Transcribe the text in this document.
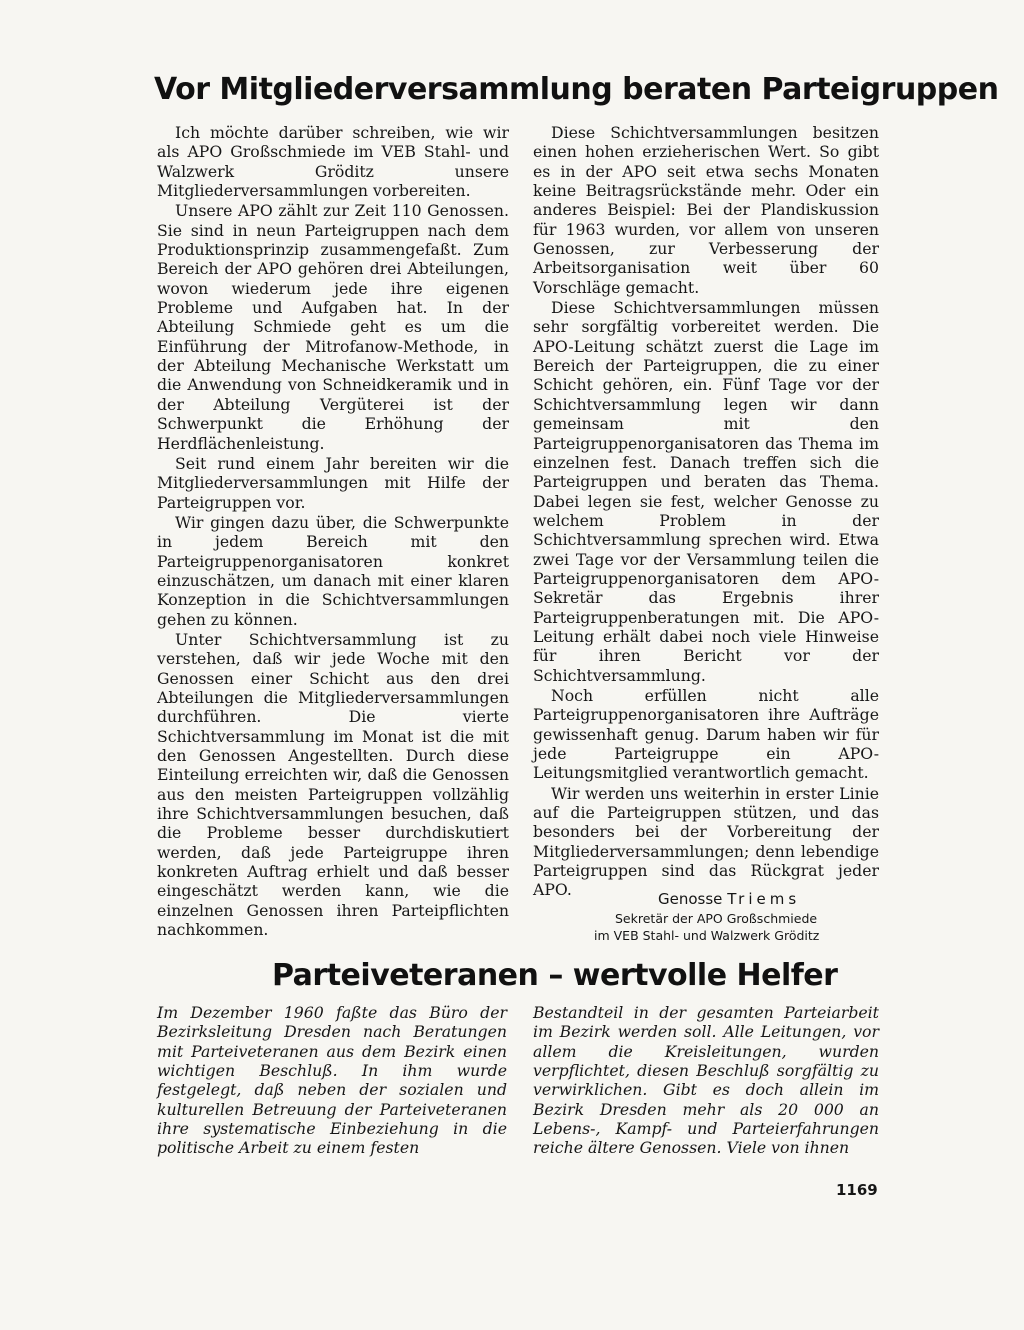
Vor Mitgliederversammlung beraten Parteigruppen

Ich möchte darüber schreiben, wie wir als APO Großschmiede im VEB Stahl- und Walzwerk Gröditz unsere Mitgliederversammlungen vorbereiten.

Unsere APO zählt zur Zeit 110 Genossen. Sie sind in neun Parteigruppen nach dem Produktionsprinzip zusammengefaßt. Zum Bereich der APO gehören drei Abteilungen, wovon wiederum jede ihre eigenen Probleme und Aufgaben hat. In der Abteilung Schmiede geht es um die Einführung der Mitrofanow-Methode, in der Abteilung Mechanische Werkstatt um die Anwendung von Schneidkeramik und in der Abteilung Vergüterei ist der Schwerpunkt die Erhöhung der Herdflächenleistung.

Seit rund einem Jahr bereiten wir die Mitgliederversammlungen mit Hilfe der Parteigruppen vor.

Wir gingen dazu über, die Schwerpunkte in jedem Bereich mit den Parteigruppenorganisatoren konkret einzuschätzen, um danach mit einer klaren Konzeption in die Schichtversammlungen gehen zu können.

Unter Schichtversammlung ist zu verstehen, daß wir jede Woche mit den Genossen einer Schicht aus den drei Abteilungen die Mitgliederversammlungen durchführen. Die vierte Schichtversammlung im Monat ist die mit den Genossen Angestellten. Durch diese Einteilung erreichten wir, daß die Genossen aus den meisten Parteigruppen vollzählig ihre Schichtversammlungen besuchen, daß die Probleme besser durchdiskutiert werden, daß jede Parteigruppe ihren konkreten Auftrag erhielt und daß besser eingeschätzt werden kann, wie die einzelnen Genossen ihren Parteipflichten nachkommen.

Diese Schichtversammlungen besitzen einen hohen erzieherischen Wert. So gibt es in der APO seit etwa sechs Monaten keine Beitragsrückstände mehr. Oder ein anderes Beispiel: Bei der Plandiskussion für 1963 wurden, vor allem von unseren Genossen, zur Verbesserung der Arbeitsorganisation weit über 60 Vorschläge gemacht.

Diese Schichtversammlungen müssen sehr sorgfältig vorbereitet werden. Die APO-Leitung schätzt zuerst die Lage im Bereich der Parteigruppen, die zu einer Schicht gehören, ein. Fünf Tage vor der Schichtversammlung legen wir dann gemeinsam mit den Parteigruppenorganisatoren das Thema im einzelnen fest. Danach treffen sich die Parteigruppen und beraten das Thema. Dabei legen sie fest, welcher Genosse zu welchem Problem in der Schichtversammlung sprechen wird. Etwa zwei Tage vor der Versammlung teilen die Parteigruppenorganisatoren dem APO-Sekretär das Ergebnis ihrer Parteigruppenberatungen mit. Die APO-Leitung erhält dabei noch viele Hinweise für ihren Bericht vor der Schichtversammlung.

Noch erfüllen nicht alle Parteigruppenorganisatoren ihre Aufträge gewissenhaft genug. Darum haben wir für jede Parteigruppe ein APO-Leitungsmitglied verantwortlich gemacht.

Wir werden uns weiterhin in erster Linie auf die Parteigruppen stützen, und das besonders bei der Vorbereitung der Mitgliederversammlungen; denn lebendige Parteigruppen sind das Rückgrat jeder APO.	Genosse Triems
Sekretär der APO Großschmiede
im VEB Stahl- und Walzwerk Gröditz
Parteiveteranen – wertvolle Helfer

Im Dezember 1960 faßte das Büro der Bezirksleitung Dresden nach Beratungen mit Parteiveteranen aus dem Bezirk einen wichtigen Beschluß. In ihm wurde festgelegt, daß neben der sozialen und kulturellen Betreuung der Parteiveteranen ihre systematische Einbeziehung in die politische Arbeit zu einem festen

Bestandteil in der gesamten Parteiarbeit im Bezirk werden soll. Alle Leitungen, vor allem die Kreisleitungen, wurden verpflichtet, diesen Beschluß sorgfältig zu verwirklichen. Gibt es doch allein im Bezirk Dresden mehr als 20 000 an Lebens-, Kampf- und Parteierfahrungen reiche ältere Genossen. Viele von ihnen

1169
